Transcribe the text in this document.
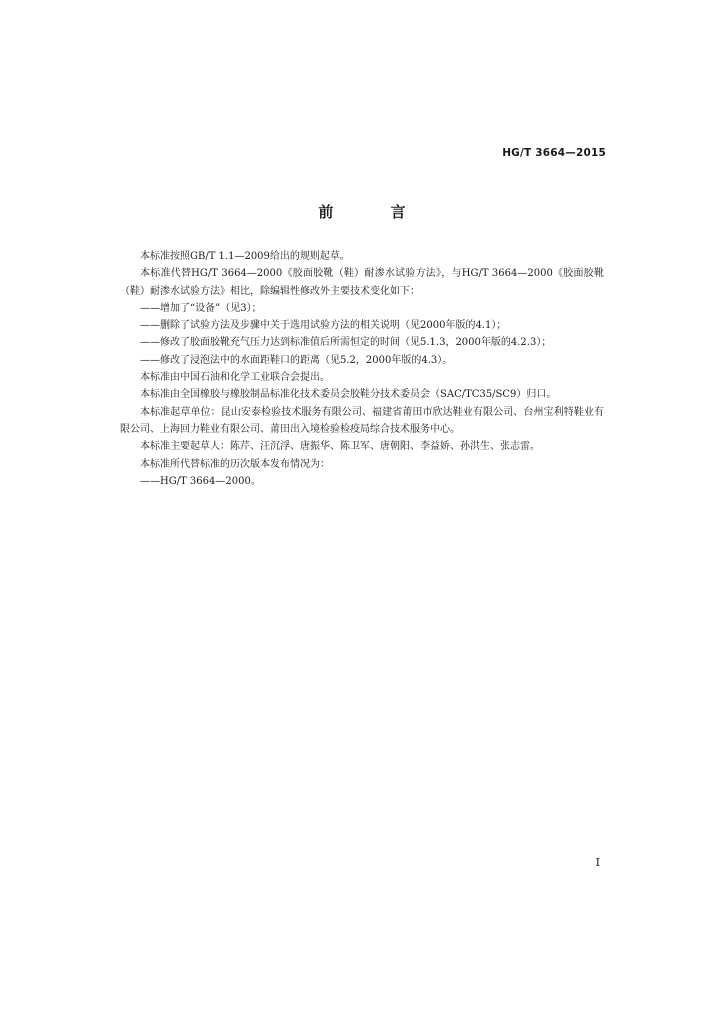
HG/T 3664—2015
前 言

本标准按照GB/T 1.1—2009给出的规则起草。

本标准代替HG/T 3664—2000《胶面胶靴（鞋）耐渗水试验方法》，与HG/T 3664—2000《胶面胶靴（鞋）耐渗水试验方法》相比，除编辑性修改外主要技术变化如下：

——增加了“设备”（见3）；

——删除了试验方法及步骤中关于选用试验方法的相关说明（见2000年版的4.1）；

——修改了胶面胶靴充气压力达到标准值后所需恒定的时间（见5.1.3，2000年版的4.2.3）；

——修改了浸泡法中的水面距鞋口的距离（见5.2，2000年版的4.3）。

本标准由中国石油和化学工业联合会提出。

本标准由全国橡胶与橡胶制品标准化技术委员会胶鞋分技术委员会（SAC/TC35/SC9）归口。

本标准起草单位：昆山安泰检验技术服务有限公司、福建省莆田市欣达鞋业有限公司、台州宝利特鞋业有限公司、上海回力鞋业有限公司、莆田出入境检验检疫局综合技术服务中心。

本标准主要起草人：陈芹、汪沉浮、唐振华、陈卫军、唐朝阳、李益娇、孙洪生、张志雷。

本标准所代替标准的历次版本发布情况为：

——HG/T 3664—2000。

I
